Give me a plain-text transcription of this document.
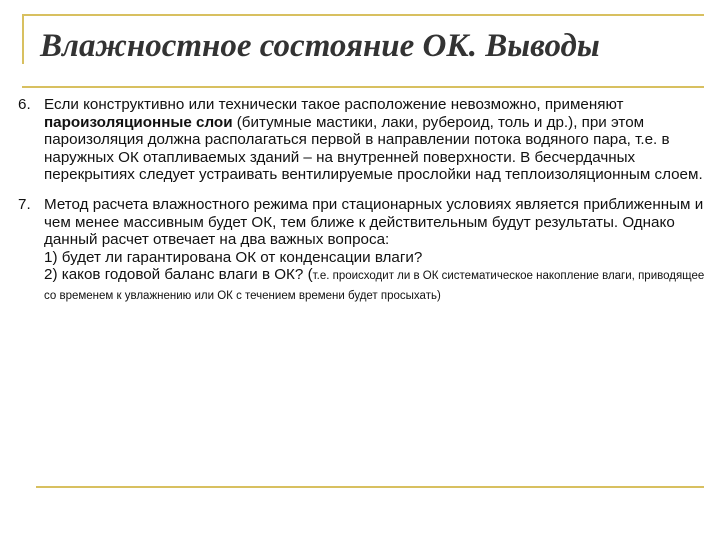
Влажностное состояние ОК. Выводы
6. Если конструктивно или технически такое расположение невозможно, применяют пароизоляционные слои (битумные мастики, лаки, рубероид, толь и др.), при этом пароизоляция должна располагаться первой в направлении потока водяного пара, т.е. в наружных ОК отапливаемых зданий – на внутренней поверхности. В бесчердачных перекрытиях следует устраивать вентилируемые прослойки над теплоизоляционным слоем.
7. Метод расчета влажностного режима при стационарных условиях является приближенным и чем менее массивным будет ОК, тем ближе к действительным будут результаты. Однако данный расчет отвечает на два важных вопроса:
1) будет ли гарантирована ОК от конденсации влаги?
2) каков годовой баланс влаги в ОК? (т.е. происходит ли в ОК систематическое накопление влаги, приводящее со временем к увлажнению или ОК с течением времени будет просыхать)
